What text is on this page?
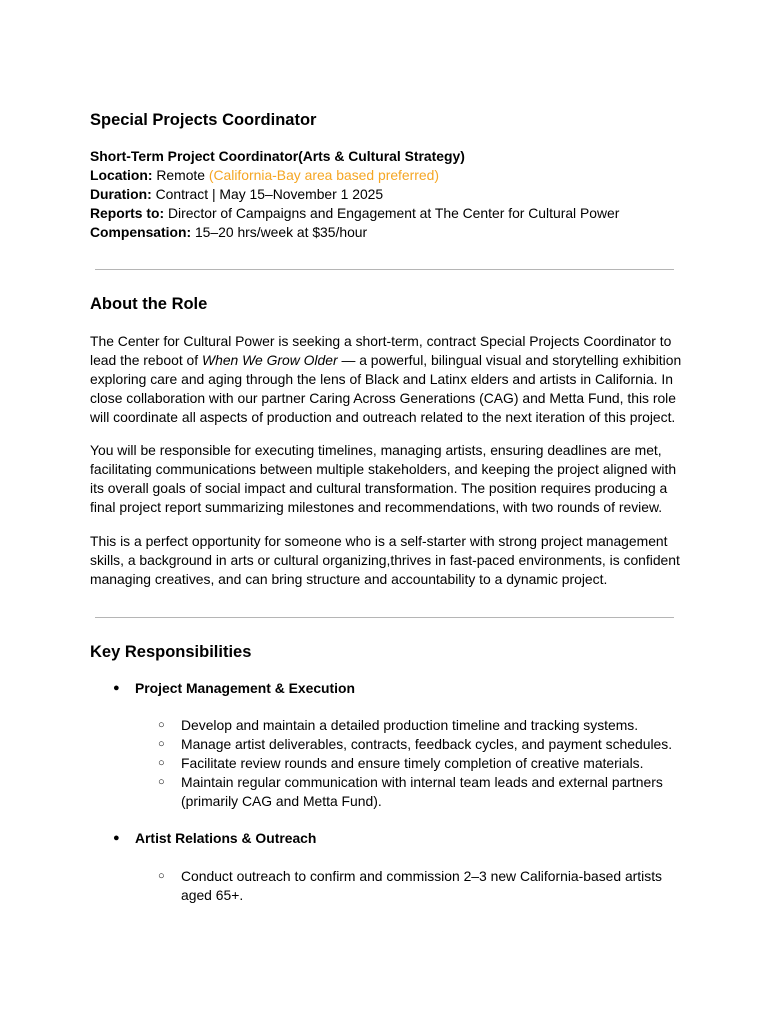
Special Projects Coordinator
Short-Term Project Coordinator(Arts & Cultural Strategy)
Location: Remote (California-Bay area based preferred)
Duration: Contract | May 15–November 1 2025
Reports to: Director of Campaigns and Engagement at The Center for Cultural Power
Compensation: 15–20 hrs/week at $35/hour
About the Role

The Center for Cultural Power is seeking a short-term, contract Special Projects Coordinator to
lead the reboot of When We Grow Older — a powerful, bilingual visual and storytelling exhibition
exploring care and aging through the lens of Black and Latinx elders and artists in California. In
close collaboration with our partner Caring Across Generations (CAG) and Metta Fund, this role
will coordinate all aspects of production and outreach related to the next iteration of this project.

You will be responsible for executing timelines, managing artists, ensuring deadlines are met,
facilitating communications between multiple stakeholders, and keeping the project aligned with
its overall goals of social impact and cultural transformation. The position requires producing a
final project report summarizing milestones and recommendations, with two rounds of review.

This is a perfect opportunity for someone who is a self-starter with strong project management
skills, a background in arts or cultural organizing,thrives in fast-paced environments, is confident
managing creatives, and can bring structure and accountability to a dynamic project.

Key Responsibilities
● Project Management & Execution
○ Develop and maintain a detailed production timeline and tracking systems.
○ Manage artist deliverables, contracts, feedback cycles, and payment schedules.
○ Facilitate review rounds and ensure timely completion of creative materials.
○ Maintain regular communication with internal team leads and external partners
(primarily CAG and Metta Fund).
● Artist Relations & Outreach
○ Conduct outreach to confirm and commission 2–3 new California-based artists
aged 65+.
